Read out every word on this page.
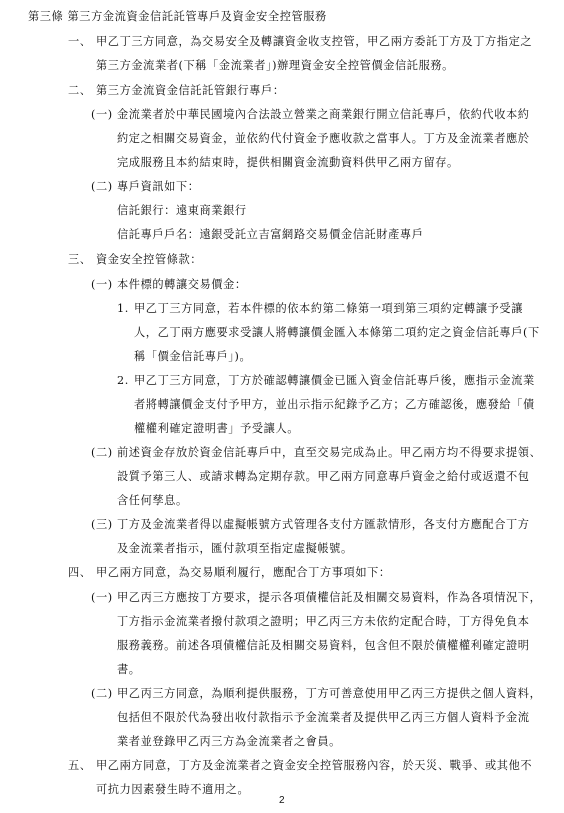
第三條 第三方金流資金信託託管專戶及資金安全控管服務
一、 甲乙丁三方同意，為交易安全及轉讓資金收支控管，甲乙兩方委託丁方及丁方指定之
第三方金流業者(下稱「金流業者」)辦理資金安全控管價金信託服務。
二、 第三方金流資金信託託管銀行專戶：
(一) 金流業者於中華民國境內合法設立營業之商業銀行開立信託專戶，依約代收本約
約定之相關交易資金，並依約代付資金予應收款之當事人。丁方及金流業者應於
完成服務且本約結束時，提供相關資金流動資料供甲乙兩方留存。
(二) 專戶資訊如下：
信託銀行：遠東商業銀行
信託專戶戶名：遠銀受託立吉富網路交易價金信託財產專戶
三、 資金安全控管條款：
(一) 本件標的轉讓交易價金：
1. 甲乙丁三方同意，若本件標的依本約第二條第一項到第三項約定轉讓予受讓
人，乙丁兩方應要求受讓人將轉讓價金匯入本條第二項約定之資金信託專戶(下
稱「價金信託專戶」)。
2. 甲乙丁三方同意，丁方於確認轉讓價金已匯入資金信託專戶後，應指示金流業
者將轉讓價金支付予甲方，並出示指示紀錄予乙方；乙方確認後，應發給「債
權權利確定證明書」予受讓人。
(二) 前述資金存放於資金信託專戶中，直至交易完成為止。甲乙兩方均不得要求提領、
設質予第三人、或請求轉為定期存款。甲乙兩方同意專戶資金之給付或返還不包
含任何孳息。
(三) 丁方及金流業者得以虛擬帳號方式管理各支付方匯款情形，各支付方應配合丁方
及金流業者指示，匯付款項至指定虛擬帳號。
四、 甲乙兩方同意，為交易順利履行，應配合丁方事項如下：
(一) 甲乙丙三方應按丁方要求，提示各項債權信託及相關交易資料，作為各項情況下，
丁方指示金流業者撥付款項之證明；甲乙丙三方未依約定配合時，丁方得免負本
服務義務。前述各項債權信託及相關交易資料，包含但不限於債權權利確定證明
書。
(二) 甲乙丙三方同意，為順利提供服務，丁方可善意使用甲乙丙三方提供之個人資料，
包括但不限於代為發出收付款指示予金流業者及提供甲乙丙三方個人資料予金流
業者並登錄甲乙丙三方為金流業者之會員。
五、 甲乙兩方同意，丁方及金流業者之資金安全控管服務內容，於天災、戰爭、或其他不
可抗力因素發生時不適用之。
2
